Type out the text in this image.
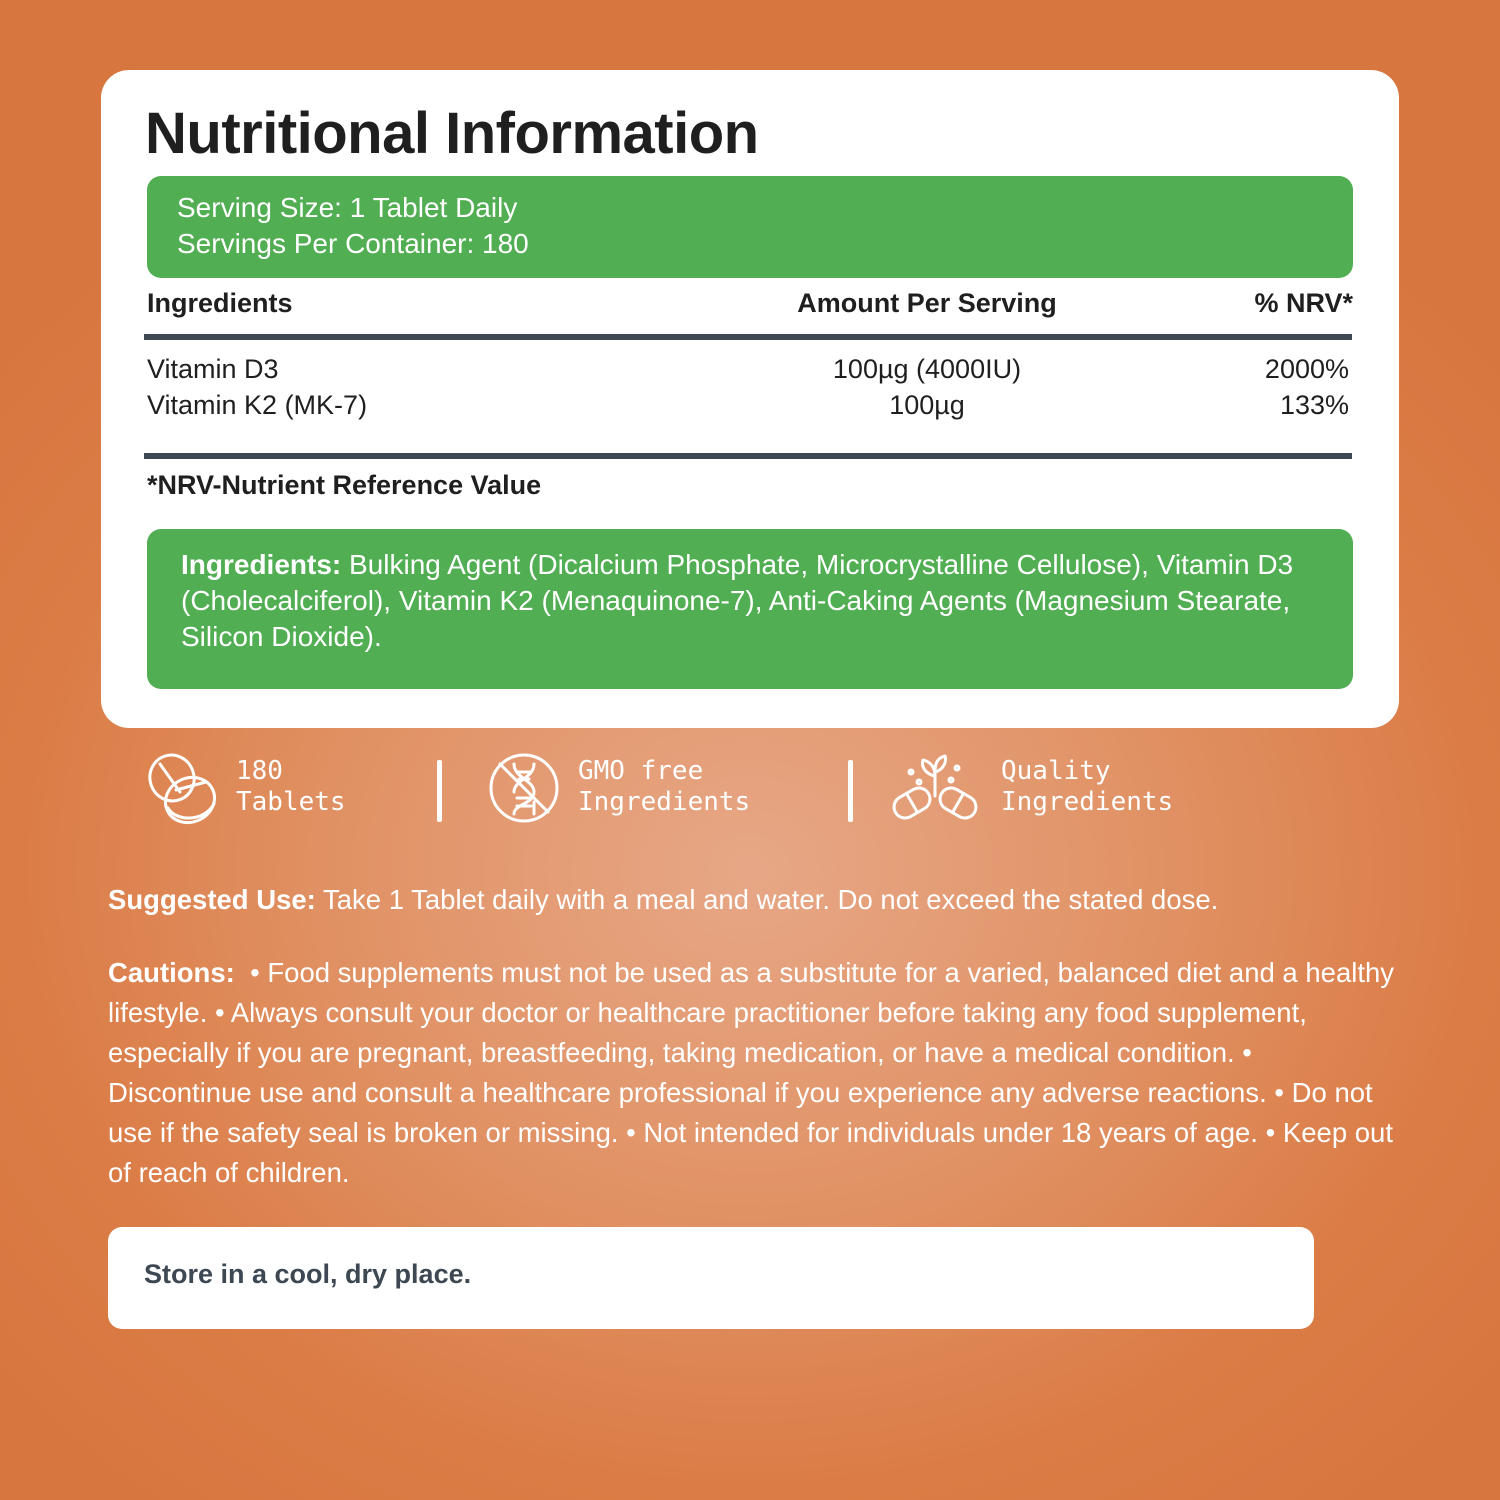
Nutritional Information
Serving Size: 1 Tablet Daily
Servings Per Container: 180
Ingredients	Amount Per Serving	% NRV*
Vitamin D3	100µg (4000IU)	2000%
Vitamin K2 (MK-7)	100µg	133%
*NRV-Nutrient Reference Value
Ingredients: Bulking Agent (Dicalcium Phosphate, Microcrystalline Cellulose), Vitamin D3 (Cholecalciferol), Vitamin K2 (Menaquinone-7), Anti-Caking Agents (Magnesium Stearate, Silicon Dioxide).
180
Tablets
GMO free
Ingredients
Quality
Ingredients
Suggested Use: Take 1 Tablet daily with a meal and water. Do not exceed the stated dose.
Cautions:  • Food supplements must not be used as a substitute for a varied, balanced diet and a healthy lifestyle. • Always consult your doctor or healthcare practitioner before taking any food supplement, especially if you are pregnant, breastfeeding, taking medication, or have a medical condition. • Discontinue use and consult a healthcare professional if you experience any adverse reactions. • Do not use if the safety seal is broken or missing. • Not intended for individuals under 18 years of age. • Keep out of reach of children.
Store in a cool, dry place.
